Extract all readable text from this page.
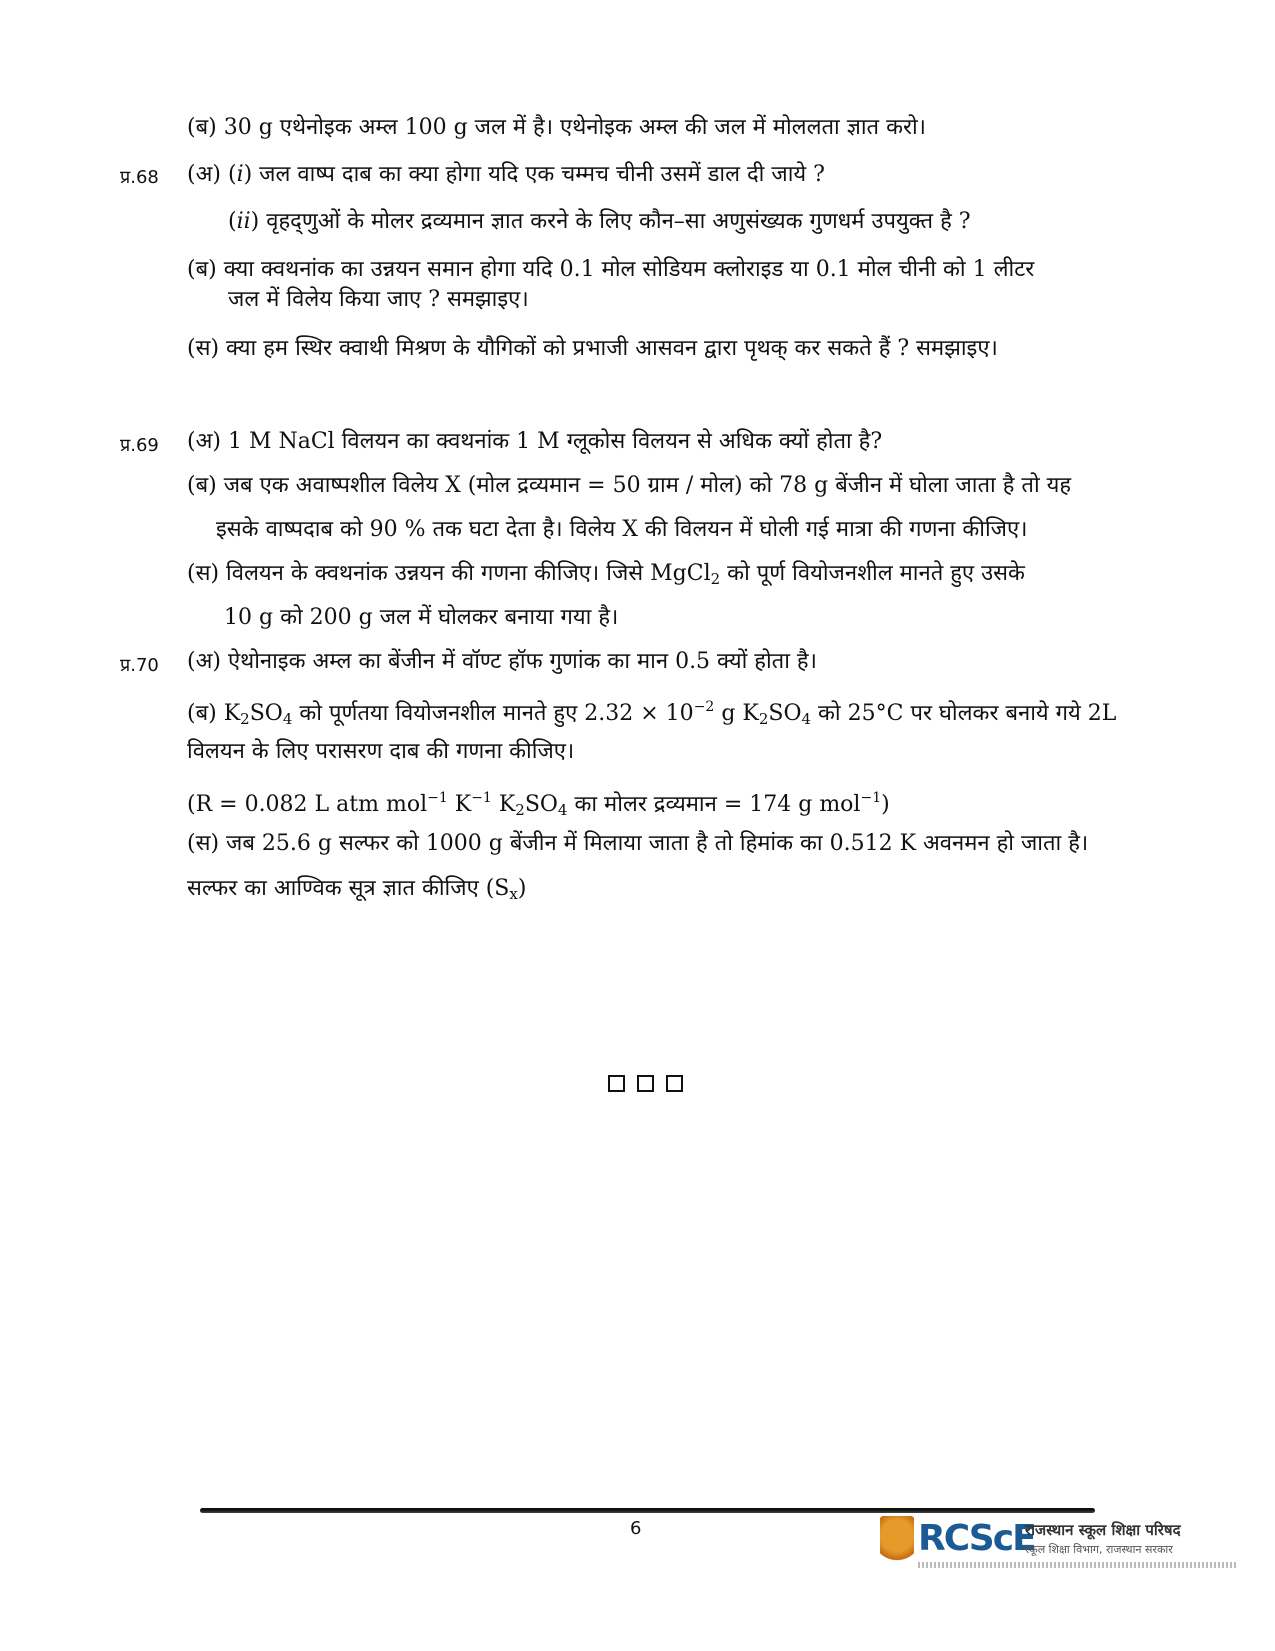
(ब) 30 g एथेनोइक अम्ल 100 g जल में है। एथेनोइक अम्ल की जल में मोललता ज्ञात करो।
प्र.68 (अ) (i) जल वाष्प दाब का क्या होगा यदि एक चम्मच चीनी उसमें डाल दी जाये ?
(ii) वृहद्‌णुओं के मोलर द्रव्यमान ज्ञात करने के लिए कौन–सा अणुसंख्यक गुणधर्म उपयुक्त है ?
(ब) क्या क्वथनांक का उन्नयन समान होगा यदि 0.1 मोल सोडियम क्लोराइड या 0.1 मोल चीनी को 1 लीटर
जल में विलेय किया जाए ? समझाइए।
(स) क्या हम स्थिर क्वाथी मिश्रण के यौगिकों को प्रभाजी आसवन द्वारा पृथक् कर सकते हैं ? समझाइए।
प्र.69 (अ) 1 M NaCl विलयन का क्वथनांक 1 M ग्लूकोस विलयन से अधिक क्यों होता है?
(ब) जब एक अवाष्पशील विलेय X (मोल द्रव्यमान = 50 ग्राम / मोल) को 78 g बेंजीन में घोला जाता है तो यह
इसके वाष्पदाब को 90 % तक घटा देता है। विलेय X की विलयन में घोली गई मात्रा की गणना कीजिए।
(स) विलयन के क्वथनांक उन्नयन की गणना कीजिए। जिसे MgCl$_2$ को पूर्ण वियोजनशील मानते हुए उसके
10 g को 200 g जल में घोलकर बनाया गया है।
प्र.70 (अ) ऐथोनाइक अम्ल का बेंजीन में वॉण्ट हॉफ गुणांक का मान 0.5 क्यों होता है।
(ब) $K_2SO_4$ को पूर्णतया वियोजनशील मानते हुए $2.32 \times 10^{-2}$ g $K_2SO_4$ को 25°C पर घोलकर बनाये गये 2L
विलयन के लिए परासरण दाब की गणना कीजिए।
(R = 0.082 L atm mol$^{-1}$ $K^{-1}$ $K_2SO_4$ का मोलर द्रव्यमान = 174 g mol$^{-1}$)
(स) जब 25.6 g सल्फर को 1000 g बेंजीन में मिलाया जाता है तो हिमांक का 0.512 K अवनमन हो जाता है।
सल्फर का आण्विक सूत्र ज्ञात कीजिए $(S_x)$
6	RCScE
राजस्थान स्कूल शिक्षा परिषद
स्कूल शिक्षा विभाग, राजस्थान सरकार
